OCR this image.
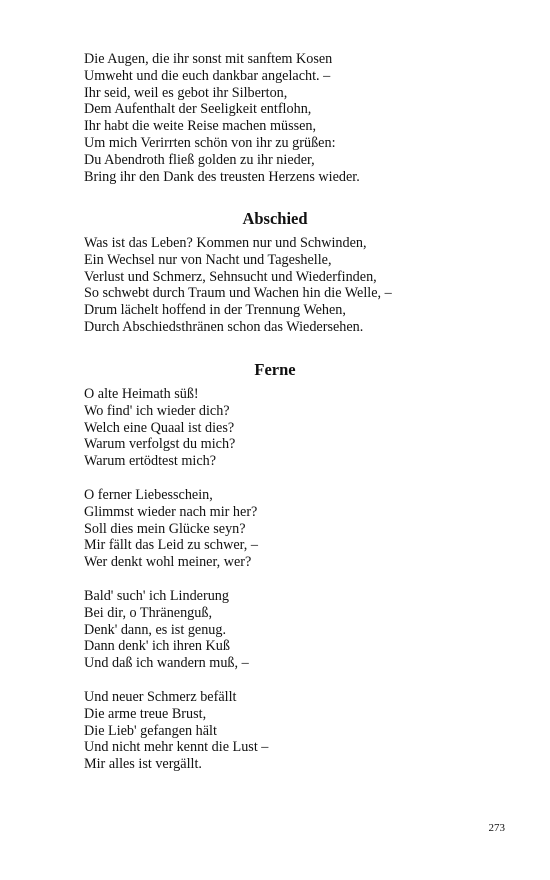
Die Augen, die ihr sonst mit sanftem Kosen
Umweht und die euch dankbar angelacht. –
Ihr seid, weil es gebot ihr Silberton,
Dem Aufenthalt der Seeligkeit entflohn,
Ihr habt die weite Reise machen müssen,
Um mich Verirrten schön von ihr zu grüßen:
Du Abendroth fließ golden zu ihr nieder,
Bring ihr den Dank des treusten Herzens wieder.
Abschied
Was ist das Leben? Kommen nur und Schwinden,
Ein Wechsel nur von Nacht und Tageshelle,
Verlust und Schmerz, Sehnsucht und Wiederfinden,
So schwebt durch Traum und Wachen hin die Welle, –
Drum lächelt hoffend in der Trennung Wehen,
Durch Abschiedsthränen schon das Wiedersehen.
Ferne
O alte Heimath süß!
Wo find' ich wieder dich?
Welch eine Quaal ist dies?
Warum verfolgst du mich?
Warum ertödtest mich?
O ferner Liebesschein,
Glimmst wieder nach mir her?
Soll dies mein Glücke seyn?
Mir fällt das Leid zu schwer, –
Wer denkt wohl meiner, wer?
Bald' such' ich Linderung
Bei dir, o Thränenguß,
Denk' dann, es ist genug.
Dann denk' ich ihren Kuß
Und daß ich wandern muß, –
Und neuer Schmerz befällt
Die arme treue Brust,
Die Lieb' gefangen hält
Und nicht mehr kennt die Lust –
Mir alles ist vergällt.
273
